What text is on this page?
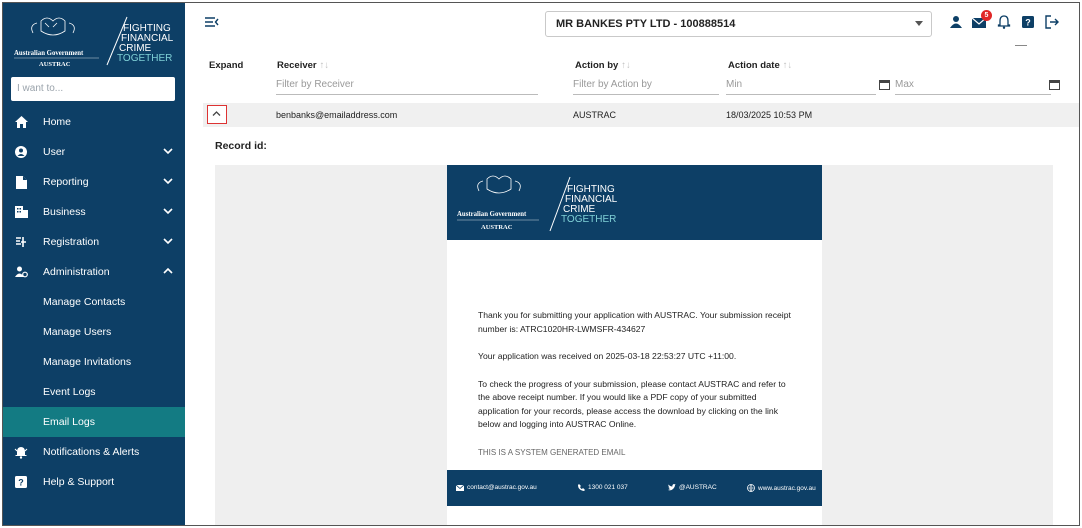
FIGHTING
FINANCIAL
CRIME
TOGETHER
Australian Government
AUSTRAC
I want to...
Home
User
Reporting
Business
Registration
Administration
Manage Contacts
Manage Users
Manage Invitations
Event Logs
Email Logs
Notifications & Alerts
? Help & Support
MR BANKES PTY LTD - 100888514
5
?
Expand	Receiver ↑↓	Action by ↑↓	Action date ↑↓
Filter by Receiver	Filter by Action by	Min	Max
benbanks@emailaddress.com	AUSTRAC	18/03/2025 10:53 PM
Record id:
FIGHTING
FINANCIAL
CRIME
TOGETHER
Australian Government
AUSTRAC

Thank you for submitting your application with AUSTRAC. Your submission receipt number is: ATRC1020HR-LWMSFR-434627

Your application was received on 2025-03-18 22:53:27 UTC +11:00.

To check the progress of your submission, please contact AUSTRAC and refer to the above receipt number. If you would like a PDF copy of your submitted application for your records, please access the download by clicking on the link below and logging into AUSTRAC Online.

THIS IS A SYSTEM GENERATED EMAIL

contact@austrac.gov.au	1300 021 037	@AUSTRAC	www.austrac.gov.au
